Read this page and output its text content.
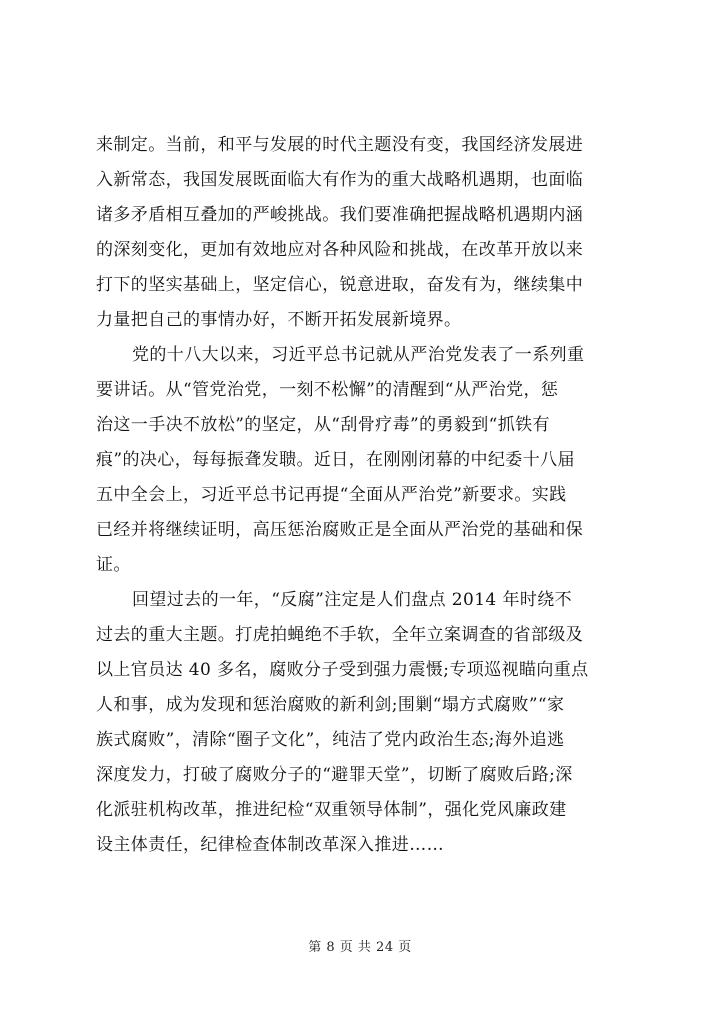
来制定。当前，和平与发展的时代主题没有变，我国经济发展进
入新常态，我国发展既面临大有作为的重大战略机遇期，也面临
诸多矛盾相互叠加的严峻挑战。我们要准确把握战略机遇期内涵
的深刻变化，更加有效地应对各种风险和挑战，在改革开放以来
打下的坚实基础上，坚定信心，锐意进取，奋发有为，继续集中
力量把自己的事情办好，不断开拓发展新境界。
党的十八大以来，习近平总书记就从严治党发表了一系列重
要讲话。从“管党治党，一刻不松懈”的清醒到“从严治党，惩
治这一手决不放松”的坚定，从“刮骨疗毒”的勇毅到“抓铁有
痕”的决心，每每振聋发聩。近日，在刚刚闭幕的中纪委十八届
五中全会上，习近平总书记再提“全面从严治党”新要求。实践
已经并将继续证明，高压惩治腐败正是全面从严治党的基础和保
证。
回望过去的一年，“反腐”注定是人们盘点 2014 年时绕不
过去的重大主题。打虎拍蝇绝不手软，全年立案调查的省部级及
以上官员达 40 多名，腐败分子受到强力震慑;专项巡视瞄向重点
人和事，成为发现和惩治腐败的新利剑;围剿“塌方式腐败”“家
族式腐败”，清除“圈子文化”，纯洁了党内政治生态;海外追逃
深度发力，打破了腐败分子的“避罪天堂”，切断了腐败后路;深
化派驻机构改革，推进纪检“双重领导体制”，强化党风廉政建
设主体责任，纪律检查体制改革深入推进……
第 8 页 共 24 页
